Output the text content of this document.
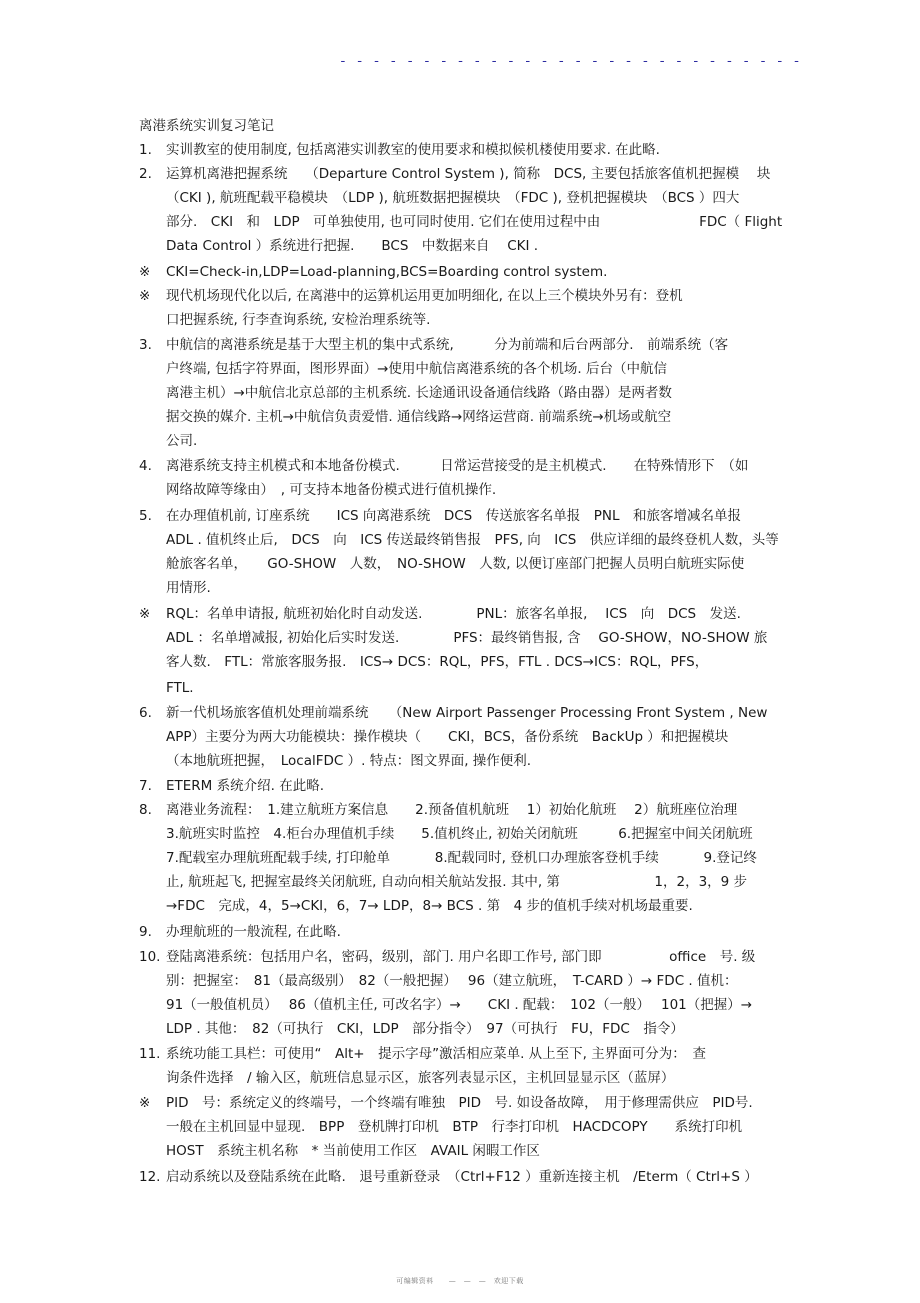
- - - - - - - - - - - - - - - - - - - - - - - - - - - -
离港系统实训复习笔记
1. 实训教室的使用制度, 包括离港实训教室的使用要求和模拟候机楼使用要求. 在此略.
2. 运算机离港把握系统　 （Departure Control System ), 简称　DCS, 主要包括旅客值机把握模　 块
（CKI ), 航班配载平稳模块　（LDP ), 航班数据把握模块　（FDC ), 登机把握模块　（BCS ）四大
部分.　CKI　和　LDP　可单独使用, 也可同时使用. 它们在使用过程中由　　　　　　　 FDC（ Flight
Data Control ）系统进行把握.　　BCS　中数据来自　 CKI .
※ CKI=Check-in,LDP=Load-planning,BCS=Boarding control system.
※ 现代机场现代化以后, 在离港中的运算机运用更加明细化, 在以上三个模块外另有：登机
口把握系统, 行李查询系统, 安检治理系统等.
3. 中航信的离港系统是基于大型主机的集中式系统,　　　分为前端和后台两部分.　前端系统（客
户终端, 包括字符界面，图形界面）→使用中航信离港系统的各个机场. 后台（中航信
离港主机）→中航信北京总部的主机系统. 长途通讯设备通信线路（路由器）是两者数
据交换的媒介. 主机→中航信负责爱惜. 通信线路→网络运营商. 前端系统→机场或航空
公司.
4. 离港系统支持主机模式和本地备份模式.　　　日常运营接受的是主机模式.　　在特殊情形下　（如
网络故障等缘由）　, 可支持本地备份模式进行值机操作.
5. 在办理值机前, 订座系统　　ICS 向离港系统　DCS　传送旅客名单报　PNL　和旅客增减名单报
ADL . 值机终止后,　DCS　向　ICS 传送最终销售报　PFS, 向　ICS　供应详细的最终登机人数，头等
舱旅客名单，　　GO-SHOW　人数，　NO-SHOW　人数, 以便订座部门把握人员明白航班实际使
用情形.
※ RQL：名单申请报, 航班初始化时自动发送.　　　　PNL：旅客名单报,　 ICS　向　DCS　发送.
ADL ：名单增减报, 初始化后实时发送.　　　　PFS：最终销售报, 含　 GO-SHOW，NO-SHOW 旅
客人数.　FTL：常旅客服务报.　ICS→ DCS：RQL，PFS，FTL . DCS→ICS：RQL，PFS，
FTL.
6. 新一代机场旅客值机处理前端系统　　（New Airport Passenger Processing Front System , New
APP）主要分为两大功能模块：操作模块（　　CKI，BCS，备份系统　BackUp ）和把握模块
（本地航班把握，　LocalFDC ）. 特点：图文界面, 操作便利.
7. ETERM 系统介绍. 在此略.
8. 离港业务流程：　1.建立航班方案信息　　2.预备值机航班　 1）初始化航班　 2）航班座位治理
3.航班实时监控　4.柜台办理值机手续　　5.值机终止, 初始关闭航班　　　6.把握室中间关闭航班
7.配载室办理航班配载手续, 打印舱单　　　 8.配载同时, 登机口办理旅客登机手续　　　 9.登记终
止, 航班起飞, 把握室最终关闭航班, 自动向相关航站发报. 其中, 第　　　　　　　1，2，3，9 步
→FDC　完成，4，5→CKI，6，7→ LDP，8→ BCS . 第　4 步的值机手续对机场最重要.
9. 办理航班的一般流程, 在此略.
10. 登陆离港系统：包括用户名，密码，级别，部门. 用户名即工作号, 部门即　　　　　office　号. 级
别：把握室：　81（最高级别）　82（一般把握）　 96（建立航班，　T-CARD ）→ FDC . 值机：
91（一般值机员）　 86（值机主任, 可改名字）→　　CKI . 配载：　102（一般）　 101（把握）→
LDP . 其他：　82（可执行　CKI，LDP　部分指令）　97（可执行　FU，FDC　指令）
11. 系统功能工具栏：可使用“　Alt+　提示字母”激活相应菜单. 从上至下, 主界面可分为：　查
询条件选择　/ 输入区，航班信息显示区，旅客列表显示区，主机回显显示区（蓝屏）
※ PID　号：系统定义的终端号，一个终端有唯独　PID　号. 如设备故障，　用于修理需供应　PID号.
一般在主机回显中显现.　BPP　登机牌打印机　BTP　行李打印机　HACDCOPY　　系统打印机
HOST　系统主机名称　* 当前使用工作区　AVAIL 闲暇工作区
12. 启动系统以及登陆系统在此略.　退号重新登录　（Ctrl+F12 ）重新连接主机　/Eterm（ Ctrl+S ）
可编辑资料　　—　—　—　欢迎下载
